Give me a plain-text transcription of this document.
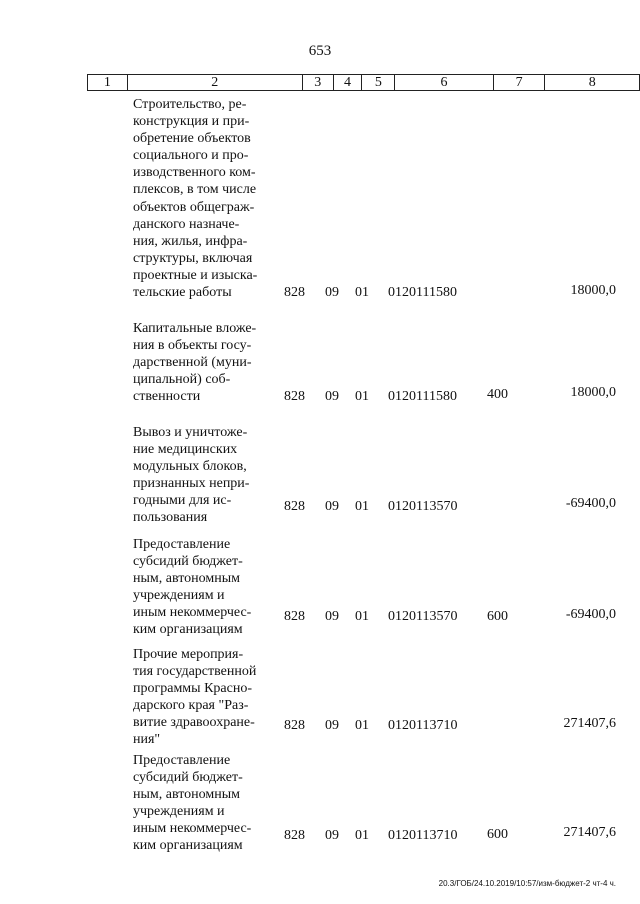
653
1	2	3	4	5	6	7	8
Строительство, ре-
конструкция и при-
обретение объектов
социального и про-
изводственного ком-
плексов, в том числе
объектов общеграж-
данского назначе-
ния, жилья, инфра-
структуры, включая
проектные и изыска-
тельские работы	828 09 01 0120111580	18000,0
Капитальные вложе-
ния в объекты госу-
дарственной (муни-
ципальной) соб-
ственности	828 09 01 0120111580 400	18000,0
Вывоз и уничтоже-
ние медицинских
модульных блоков,
признанных непри-
годными для ис-
пользования
828 09 01 0120113570	-69400,0
Предоставление
субсидий бюджет-
ным, автономным
учреждениям и
иным некоммерчес-
ким организациям
828 09 01 0120113570 600	-69400,0
Прочие мероприя-
тия государственной
программы Красно-
дарского края "Раз-
витие здравоохране-
ния"
828 09 01 0120113710	271407,6
Предоставление
субсидий бюджет-
ным, автономным
учреждениям и
иным некоммерчес-
ким организациям
828 09 01 0120113710 600	271407,6
20.3/ГОБ/24.10.2019/10:57/изм-бюджет-2 чт-4 ч.
